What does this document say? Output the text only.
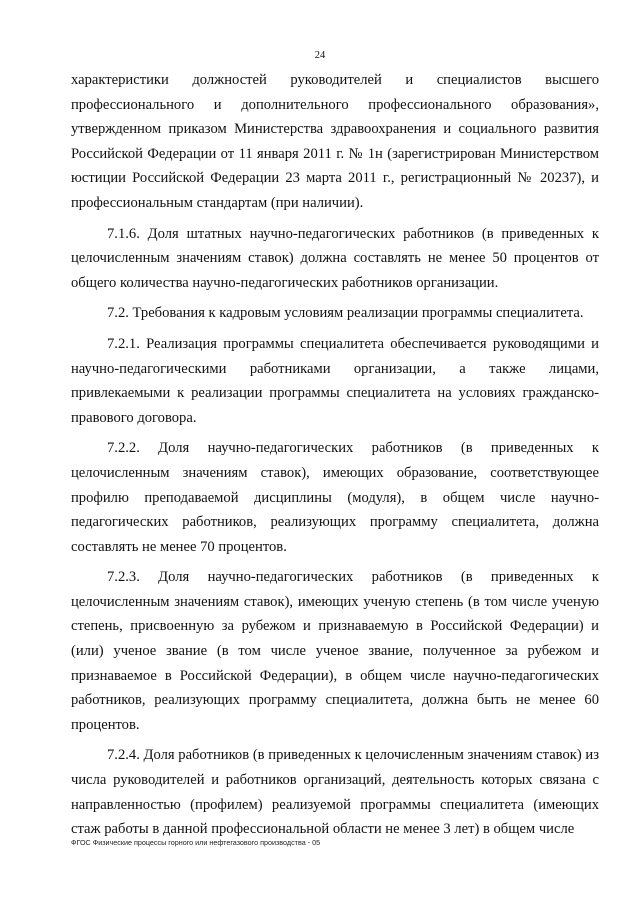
24

характеристики должностей руководителей и специалистов высшего профессионального и дополнительного профессионального образования», утвержденном приказом Министерства здравоохранения и социального развития Российской Федерации от 11 января 2011 г. № 1н (зарегистрирован Министерством юстиции Российской Федерации 23 марта 2011 г., регистрационный № 20237), и профессиональным стандартам (при наличии).

7.1.6. Доля штатных научно-педагогических работников (в приведенных к целочисленным значениям ставок) должна составлять не менее 50 процентов от общего количества научно-педагогических работников организации.

7.2. Требования к кадровым условиям реализации программы специалитета.

7.2.1. Реализация программы специалитета обеспечивается руководящими и научно-педагогическими работниками организации, а также лицами, привлекаемыми к реализации программы специалитета на условиях гражданско-правового договора.

7.2.2. Доля научно-педагогических работников (в приведенных к целочисленным значениям ставок), имеющих образование, соответствующее профилю преподаваемой дисциплины (модуля), в общем числе научно-педагогических работников, реализующих программу специалитета, должна составлять не менее 70 процентов.

7.2.3. Доля научно-педагогических работников (в приведенных к целочисленным значениям ставок), имеющих ученую степень (в том числе ученую степень, присвоенную за рубежом и признаваемую в Российской Федерации) и (или) ученое звание (в том числе ученое звание, полученное за рубежом и признаваемое в Российской Федерации), в общем числе научно-педагогических работников, реализующих программу специалитета, должна быть не менее 60 процентов.

7.2.4. Доля работников (в приведенных к целочисленным значениям ставок) из числа руководителей и работников организаций, деятельность которых связана с направленностью (профилем) реализуемой программы специалитета (имеющих стаж работы в данной профессиональной области не менее 3 лет) в общем числе

ФГОС Физические процессы горного или нефтегазового производства - 05
